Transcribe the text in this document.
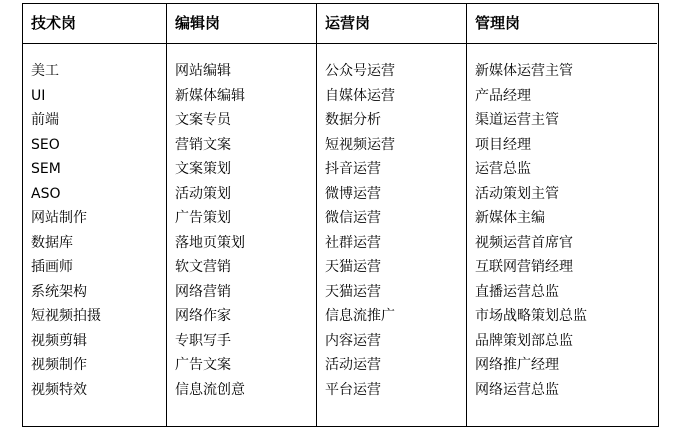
技术岗
美工
UI
前端
SEO
SEM
ASO
网站制作
数据库
插画师
系统架构
短视频拍摄
视频剪辑
视频制作
视频特效
编辑岗
网站编辑
新媒体编辑
文案专员
营销文案
文案策划
活动策划
广告策划
落地页策划
软文营销
网络营销
网络作家
专职写手
广告文案
信息流创意
运营岗
公众号运营
自媒体运营
数据分析
短视频运营
抖音运营
微博运营
微信运营
社群运营
天猫运营
天猫运营
信息流推广
内容运营
活动运营
平台运营
管理岗
新媒体运营主管
产品经理
渠道运营主管
项目经理
运营总监
活动策划主管
新媒体主编
视频运营首席官
互联网营销经理
直播运营总监
市场战略策划总监
品牌策划部总监
网络推广经理
网络运营总监
